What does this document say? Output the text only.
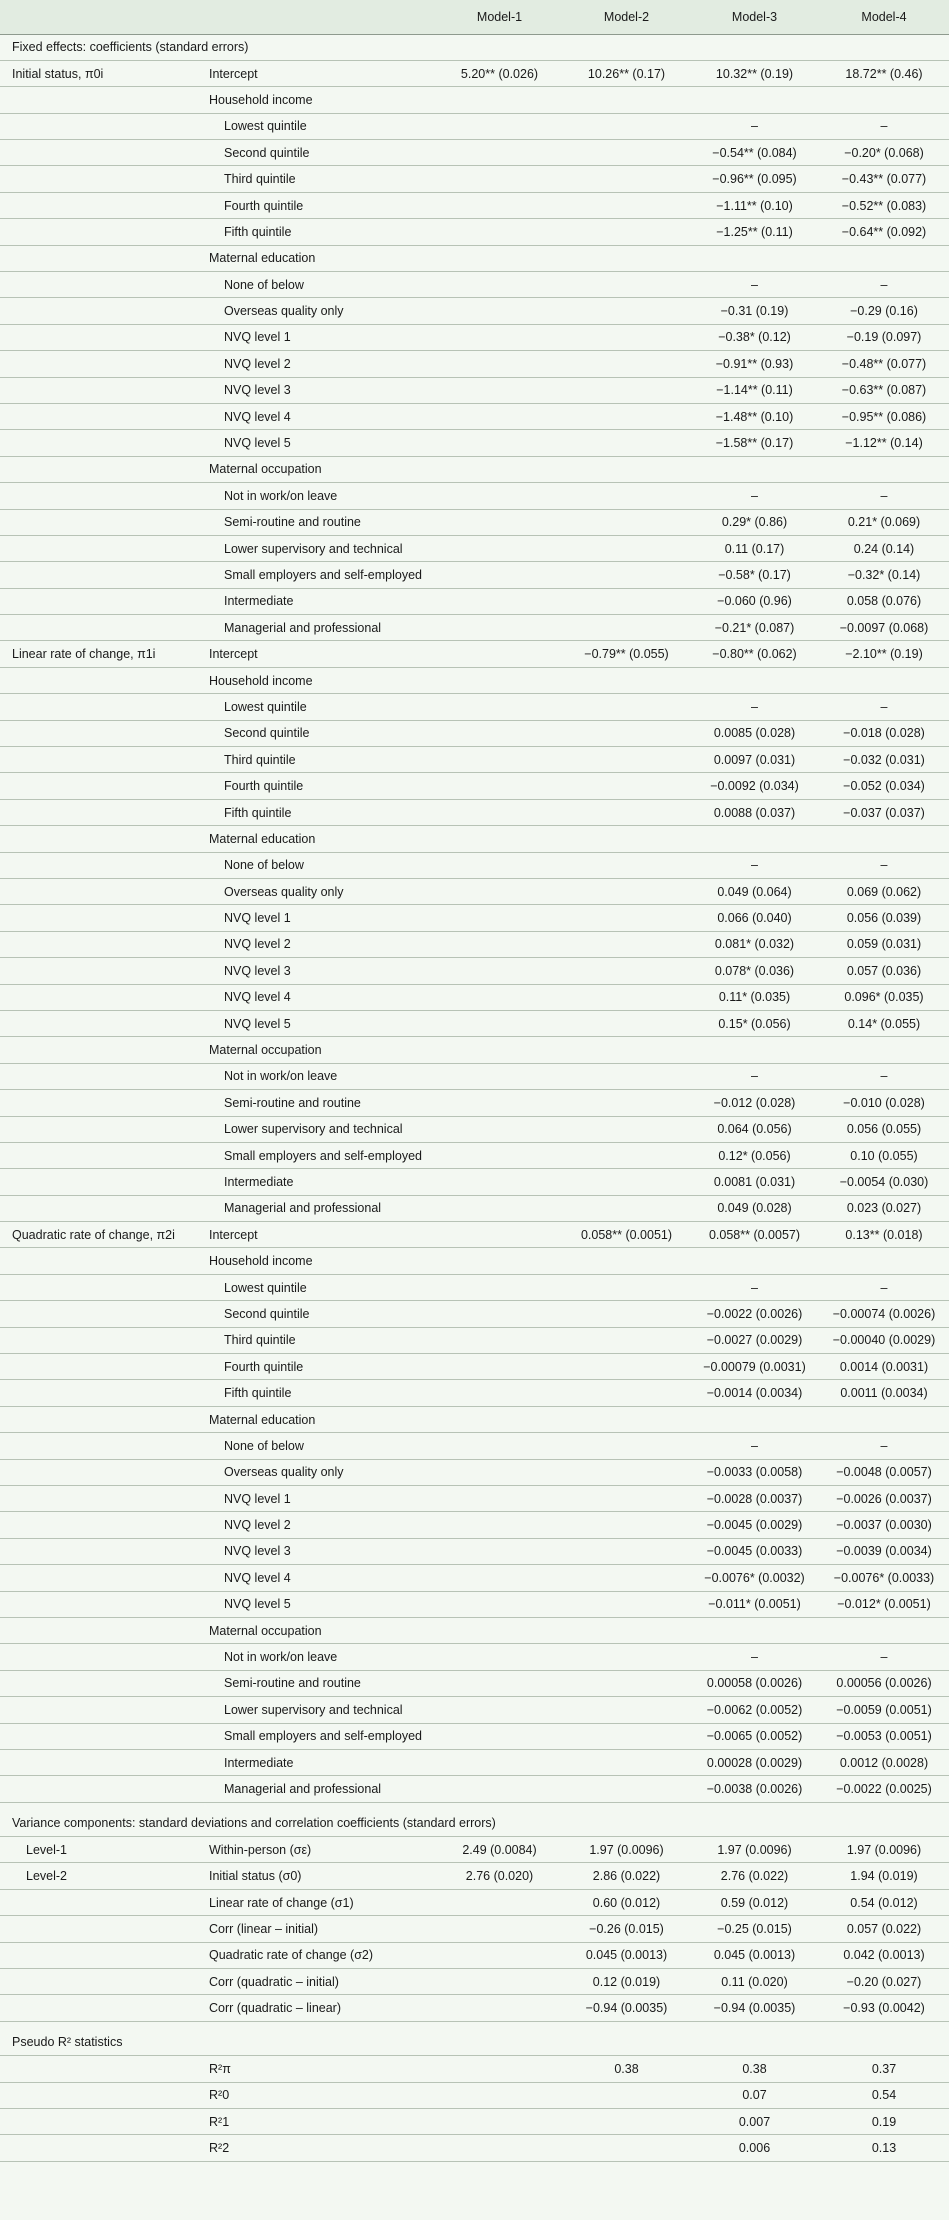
		Model-1	Model-2	Model-3	Model-4
Fixed effects: coefficients (standard errors)					
Initial status, π0i	Intercept	5.20** (0.026)	10.26** (0.17)	10.32** (0.19)	18.72** (0.46)
	Household income				
	Lowest quintile			–	–
	Second quintile			−0.54** (0.084)	−0.20* (0.068)
	Third quintile			−0.96** (0.095)	−0.43** (0.077)
	Fourth quintile			−1.11** (0.10)	−0.52** (0.083)
	Fifth quintile			−1.25** (0.11)	−0.64** (0.092)
	Maternal education				
	None of below			–	–
	Overseas quality only			−0.31 (0.19)	−0.29 (0.16)
	NVQ level 1			−0.38* (0.12)	−0.19 (0.097)
	NVQ level 2			−0.91** (0.93)	−0.48** (0.077)
	NVQ level 3			−1.14** (0.11)	−0.63** (0.087)
	NVQ level 4			−1.48** (0.10)	−0.95** (0.086)
	NVQ level 5			−1.58** (0.17)	−1.12** (0.14)
	Maternal occupation				
	Not in work/on leave			–	–
	Semi-routine and routine			0.29* (0.86)	0.21* (0.069)
	Lower supervisory and technical			0.11 (0.17)	0.24 (0.14)
	Small employers and self-employed			−0.58* (0.17)	−0.32* (0.14)
	Intermediate			−0.060 (0.96)	0.058 (0.076)
	Managerial and professional			−0.21* (0.087)	−0.0097 (0.068)
Linear rate of change, π1i	Intercept		−0.79** (0.055)	−0.80** (0.062)	−2.10** (0.19)
	Household income				
	Lowest quintile			–	–
	Second quintile			0.0085 (0.028)	−0.018 (0.028)
	Third quintile			0.0097 (0.031)	−0.032 (0.031)
	Fourth quintile			−0.0092 (0.034)	−0.052 (0.034)
	Fifth quintile			0.0088 (0.037)	−0.037 (0.037)
	Maternal education				
	None of below			–	–
	Overseas quality only			0.049 (0.064)	0.069 (0.062)
	NVQ level 1			0.066 (0.040)	0.056 (0.039)
	NVQ level 2			0.081* (0.032)	0.059 (0.031)
	NVQ level 3			0.078* (0.036)	0.057 (0.036)
	NVQ level 4			0.11* (0.035)	0.096* (0.035)
	NVQ level 5			0.15* (0.056)	0.14* (0.055)
	Maternal occupation				
	Not in work/on leave			–	–
	Semi-routine and routine			−0.012 (0.028)	−0.010 (0.028)
	Lower supervisory and technical			0.064 (0.056)	0.056 (0.055)
	Small employers and self-employed			0.12* (0.056)	0.10 (0.055)
	Intermediate			0.0081 (0.031)	−0.0054 (0.030)
	Managerial and professional			0.049 (0.028)	0.023 (0.027)
Quadratic rate of change, π2i	Intercept		0.058** (0.0051)	0.058** (0.0057)	0.13** (0.018)
	Household income				
	Lowest quintile			–	–
	Second quintile			−0.0022 (0.0026)	−0.00074 (0.0026)
	Third quintile			−0.0027 (0.0029)	−0.00040 (0.0029)
	Fourth quintile			−0.00079 (0.0031)	0.0014 (0.0031)
	Fifth quintile			−0.0014 (0.0034)	0.0011 (0.0034)
	Maternal education				
	None of below			–	–
	Overseas quality only			−0.0033 (0.0058)	−0.0048 (0.0057)
	NVQ level 1			−0.0028 (0.0037)	−0.0026 (0.0037)
	NVQ level 2			−0.0045 (0.0029)	−0.0037 (0.0030)
	NVQ level 3			−0.0045 (0.0033)	−0.0039 (0.0034)
	NVQ level 4			−0.0076* (0.0032)	−0.0076* (0.0033)
	NVQ level 5			−0.011* (0.0051)	−0.012* (0.0051)
	Maternal occupation				
	Not in work/on leave			–	–
	Semi-routine and routine			0.00058 (0.0026)	0.00056 (0.0026)
	Lower supervisory and technical			−0.0062 (0.0052)	−0.0059 (0.0051)
	Small employers and self-employed			−0.0065 (0.0052)	−0.0053 (0.0051)
	Intermediate			0.00028 (0.0029)	0.0012 (0.0028)
	Managerial and professional			−0.0038 (0.0026)	−0.0022 (0.0025)

Variance components: standard deviations and correlation coefficients (standard errors)					
Level-1	Within-person (σε)	2.49 (0.0084)	1.97 (0.0096)	1.97 (0.0096)	1.97 (0.0096)
Level-2	Initial status (σ0)	2.76 (0.020)	2.86 (0.022)	2.76 (0.022)	1.94 (0.019)
	Linear rate of change (σ1)		0.60 (0.012)	0.59 (0.012)	0.54 (0.012)
	Corr (linear – initial)		−0.26 (0.015)	−0.25 (0.015)	0.057 (0.022)
	Quadratic rate of change (σ2)		0.045 (0.0013)	0.045 (0.0013)	0.042 (0.0013)
	Corr (quadratic – initial)		0.12 (0.019)	0.11 (0.020)	−0.20 (0.027)
	Corr (quadratic – linear)		−0.94 (0.0035)	−0.94 (0.0035)	−0.93 (0.0042)

Pseudo R² statistics					
	R²π		0.38	0.38	0.37
	R²0			0.07	0.54
	R²1			0.007	0.19
	R²2			0.006	0.13
